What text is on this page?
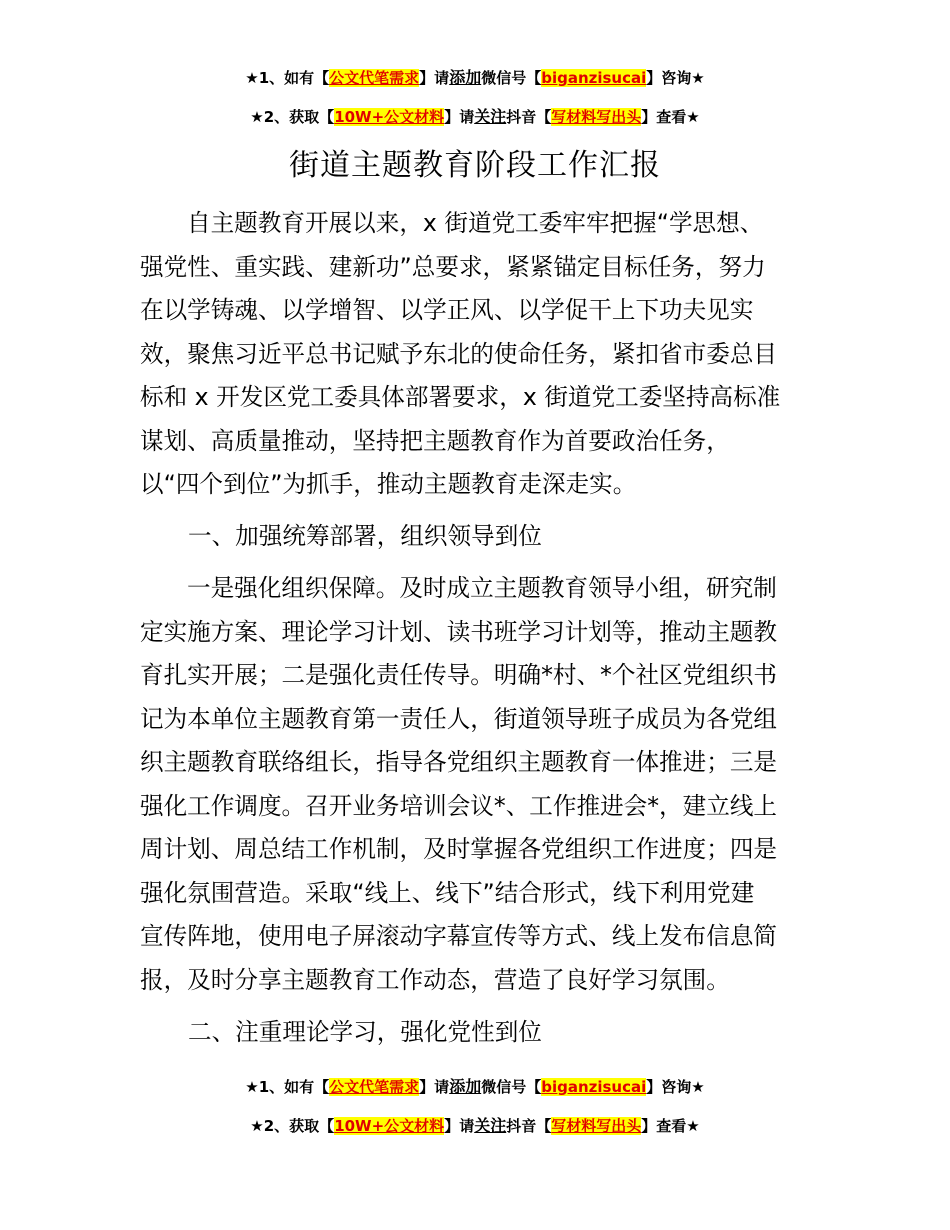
★1、如有【公文代笔需求】请添加微信号【biganzisucai】咨询★
★2、获取【10W+公文材料】请关注抖音【写材料写出头】查看★
街道主题教育阶段工作汇报
自主题教育开展以来，x 街道党工委牢牢把握“学思想、
强党性、重实践、建新功”总要求，紧紧锚定目标任务，努力
在以学铸魂、以学增智、以学正风、以学促干上下功夫见实
效，聚焦习近平总书记赋予东北的使命任务，紧扣省市委总目
标和 x 开发区党工委具体部署要求，x 街道党工委坚持高标准
谋划、高质量推动，坚持把主题教育作为首要政治任务，
以“四个到位”为抓手，推动主题教育走深走实。
一、加强统筹部署，组织领导到位
一是强化组织保障。及时成立主题教育领导小组，研究制
定实施方案、理论学习计划、读书班学习计划等，推动主题教
育扎实开展；二是强化责任传导。明确*村、*个社区党组织书
记为本单位主题教育第一责任人，街道领导班子成员为各党组
织主题教育联络组长，指导各党组织主题教育一体推进；三是
强化工作调度。召开业务培训会议*、工作推进会*，建立线上
周计划、周总结工作机制，及时掌握各党组织工作进度；四是
强化氛围营造。采取“线上、线下”结合形式，线下利用党建
宣传阵地，使用电子屏滚动字幕宣传等方式、线上发布信息简
报，及时分享主题教育工作动态，营造了良好学习氛围。
二、注重理论学习，强化党性到位
★1、如有【公文代笔需求】请添加微信号【biganzisucai】咨询★
★2、获取【10W+公文材料】请关注抖音【写材料写出头】查看★
